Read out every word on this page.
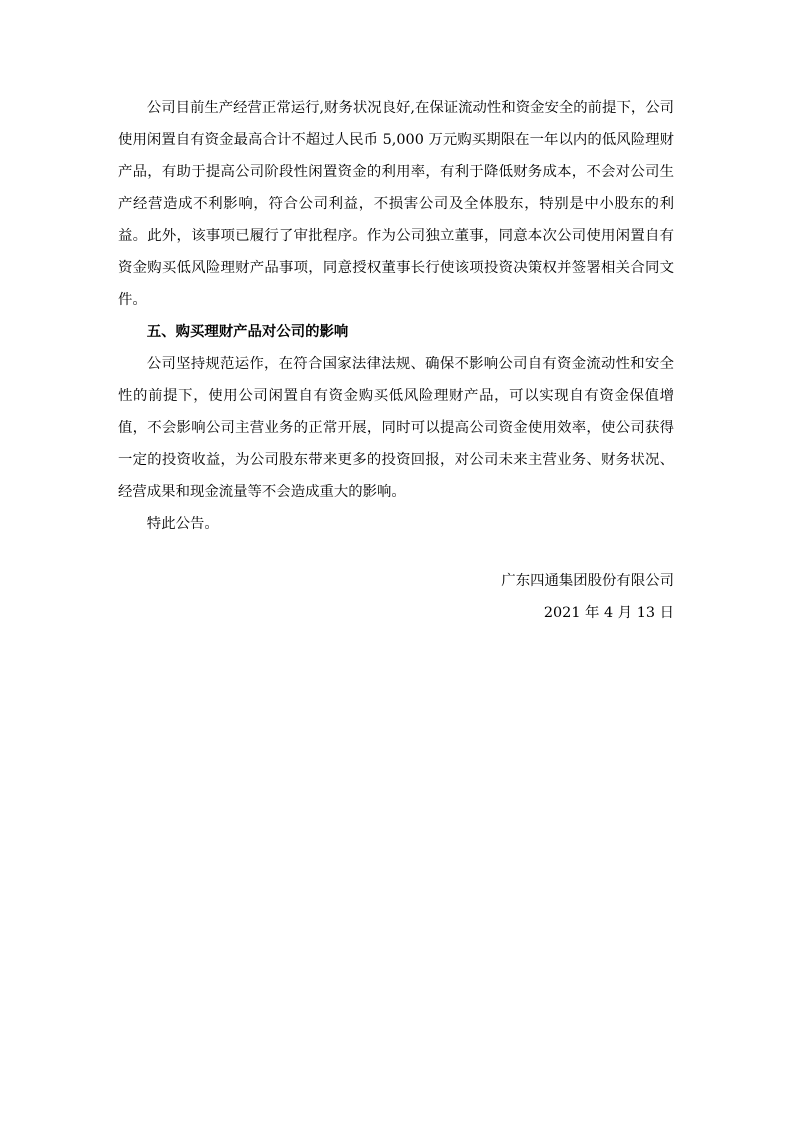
公司目前生产经营正常运行,财务状况良好,在保证流动性和资金安全的前提下，公司使用闲置自有资金最高合计不超过人民币 5,000 万元购买期限在一年以内的低风险理财产品，有助于提高公司阶段性闲置资金的利用率，有利于降低财务成本，不会对公司生产经营造成不利影响，符合公司利益，不损害公司及全体股东，特别是中小股东的利益。此外，该事项已履行了审批程序。作为公司独立董事，同意本次公司使用闲置自有资金购买低风险理财产品事项，同意授权董事长行使该项投资决策权并签署相关合同文件。

五、购买理财产品对公司的影响

公司坚持规范运作，在符合国家法律法规、确保不影响公司自有资金流动性和安全性的前提下，使用公司闲置自有资金购买低风险理财产品，可以实现自有资金保值增值，不会影响公司主营业务的正常开展，同时可以提高公司资金使用效率，使公司获得一定的投资收益，为公司股东带来更多的投资回报，对公司未来主营业务、财务状况、经营成果和现金流量等不会造成重大的影响。

特此公告。

广东四通集团股份有限公司
2021 年 4 月 13 日
